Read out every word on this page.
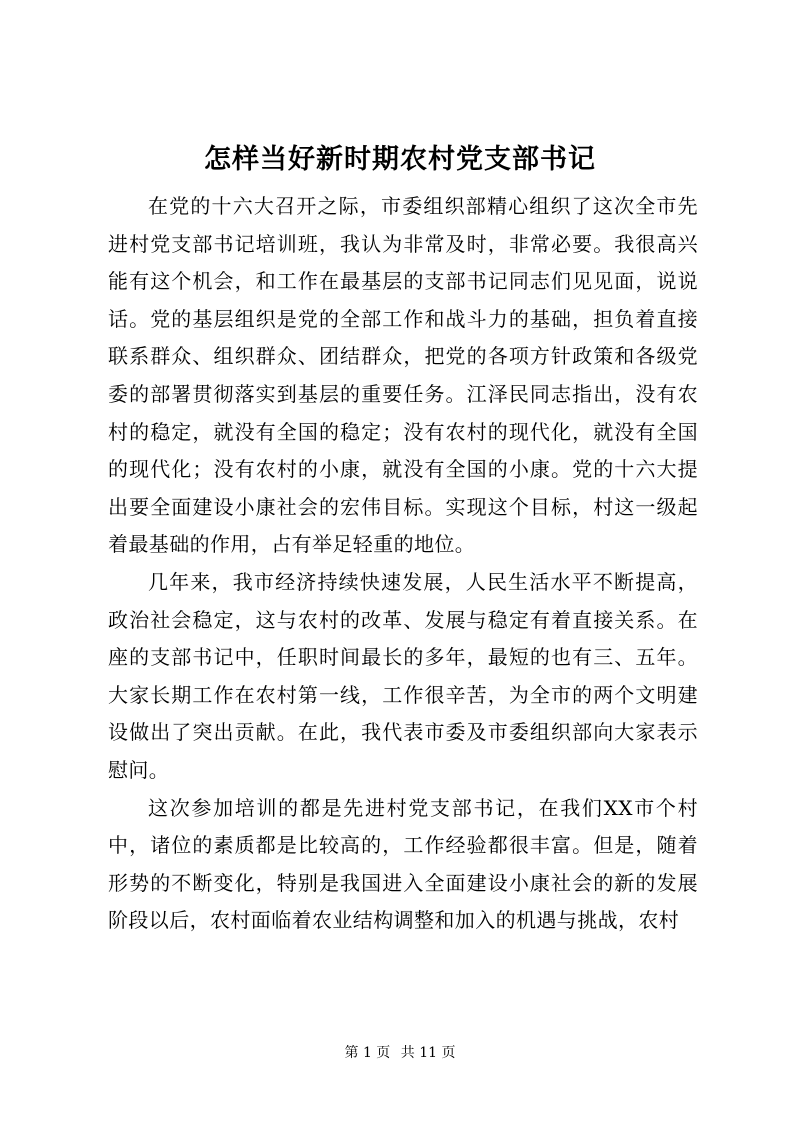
怎样当好新时期农村党支部书记

在党的十六大召开之际，市委组织部精心组织了这次全市先进村党支部书记培训班，我认为非常及时，非常必要。我很高兴能有这个机会，和工作在最基层的支部书记同志们见见面，说说话。党的基层组织是党的全部工作和战斗力的基础，担负着直接联系群众、组织群众、团结群众，把党的各项方针政策和各级党委的部署贯彻落实到基层的重要任务。江泽民同志指出，没有农村的稳定，就没有全国的稳定；没有农村的现代化，就没有全国的现代化；没有农村的小康，就没有全国的小康。党的十六大提出要全面建设小康社会的宏伟目标。实现这个目标，村这一级起着最基础的作用，占有举足轻重的地位。

几年来，我市经济持续快速发展，人民生活水平不断提高，政治社会稳定，这与农村的改革、发展与稳定有着直接关系。在座的支部书记中，任职时间最长的多年，最短的也有三、五年。大家长期工作在农村第一线，工作很辛苦，为全市的两个文明建设做出了突出贡献。在此，我代表市委及市委组织部向大家表示慰问。

这次参加培训的都是先进村党支部书记，在我们XX市个村中，诸位的素质都是比较高的，工作经验都很丰富。但是，随着形势的不断变化，特别是我国进入全面建设小康社会的新的发展阶段以后，农村面临着农业结构调整和加入的机遇与挑战，农村

第 1 页 共 11 页
